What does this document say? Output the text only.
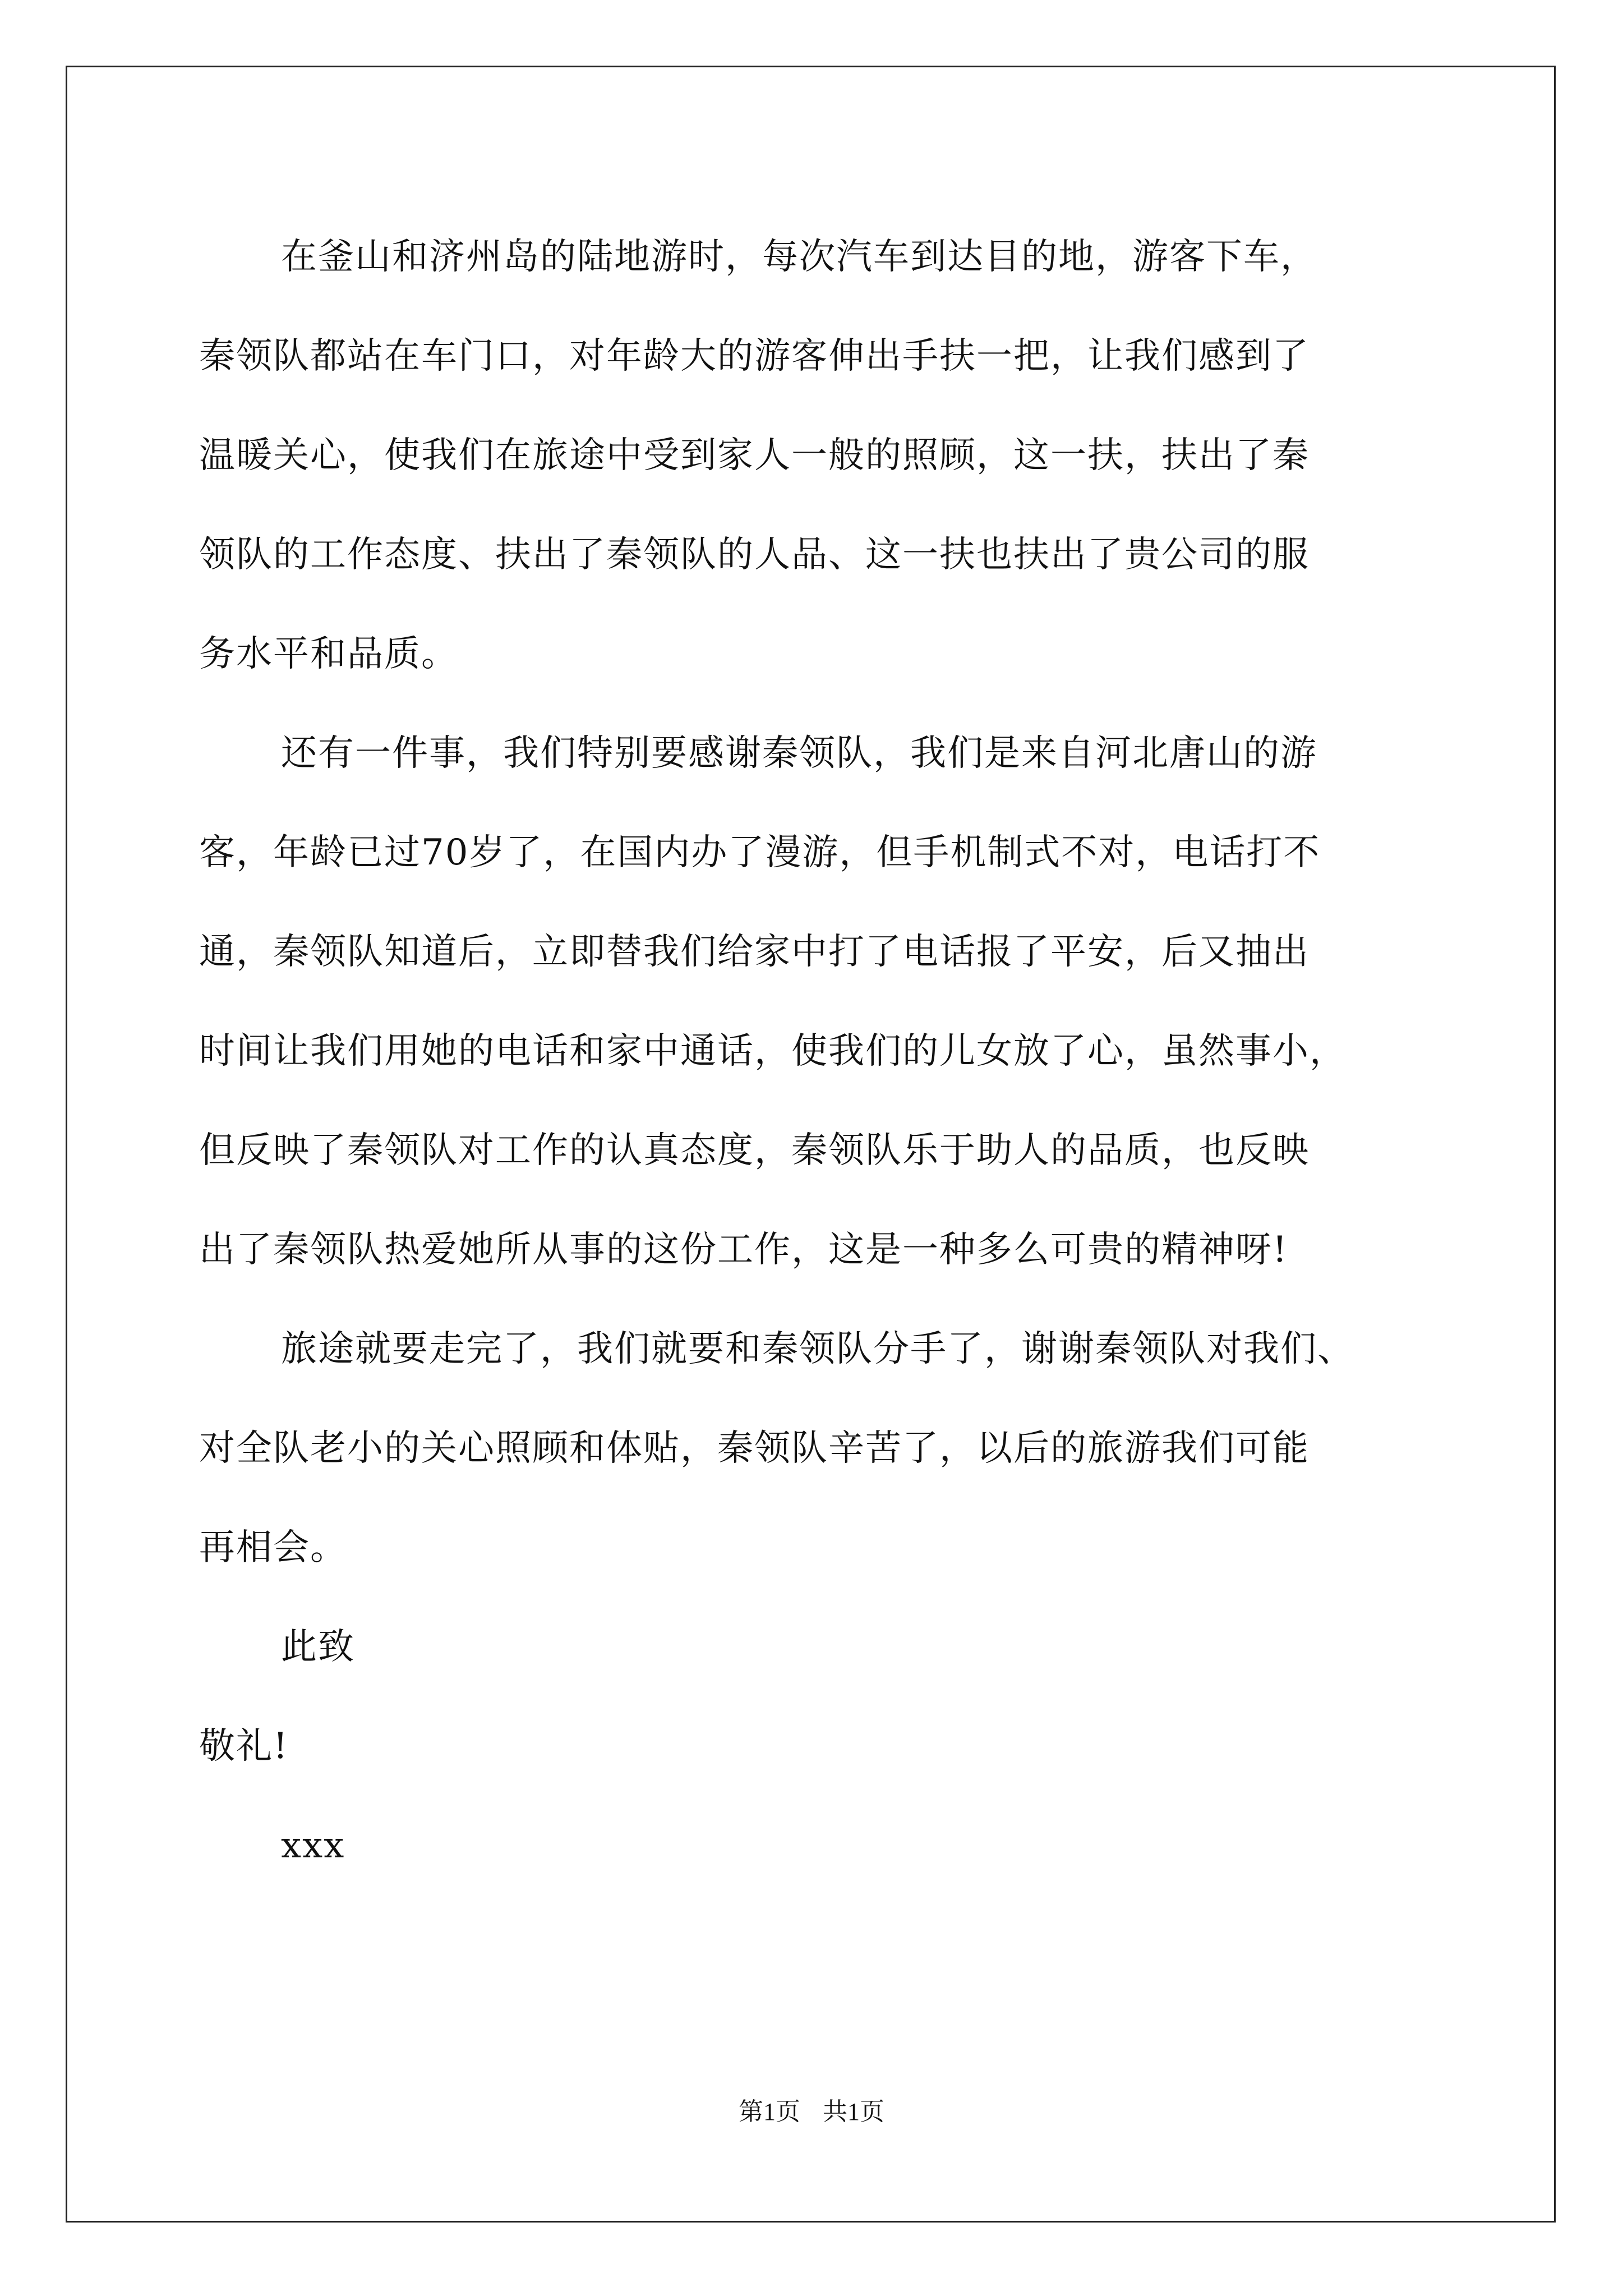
在釜山和济州岛的陆地游时，每次汽车到达目的地，游客下车，
秦领队都站在车门口，对年龄大的游客伸出手扶一把，让我们感到了
温暖关心，使我们在旅途中受到家人一般的照顾，这一扶，扶出了秦
领队的工作态度、扶出了秦领队的人品、这一扶也扶出了贵公司的服
务水平和品质。
还有一件事，我们特别要感谢秦领队，我们是来自河北唐山的游
客，年龄已过70岁了，在国内办了漫游，但手机制式不对，电话打不
通，秦领队知道后，立即替我们给家中打了电话报了平安，后又抽出
时间让我们用她的电话和家中通话，使我们的儿女放了心，虽然事小，
但反映了秦领队对工作的认真态度，秦领队乐于助人的品质，也反映
出了秦领队热爱她所从事的这份工作，这是一种多么可贵的精神呀!
旅途就要走完了，我们就要和秦领队分手了，谢谢秦领队对我们、
对全队老小的关心照顾和体贴，秦领队辛苦了，以后的旅游我们可能
再相会。
此致
敬礼!
xxx
第1页 共1页
